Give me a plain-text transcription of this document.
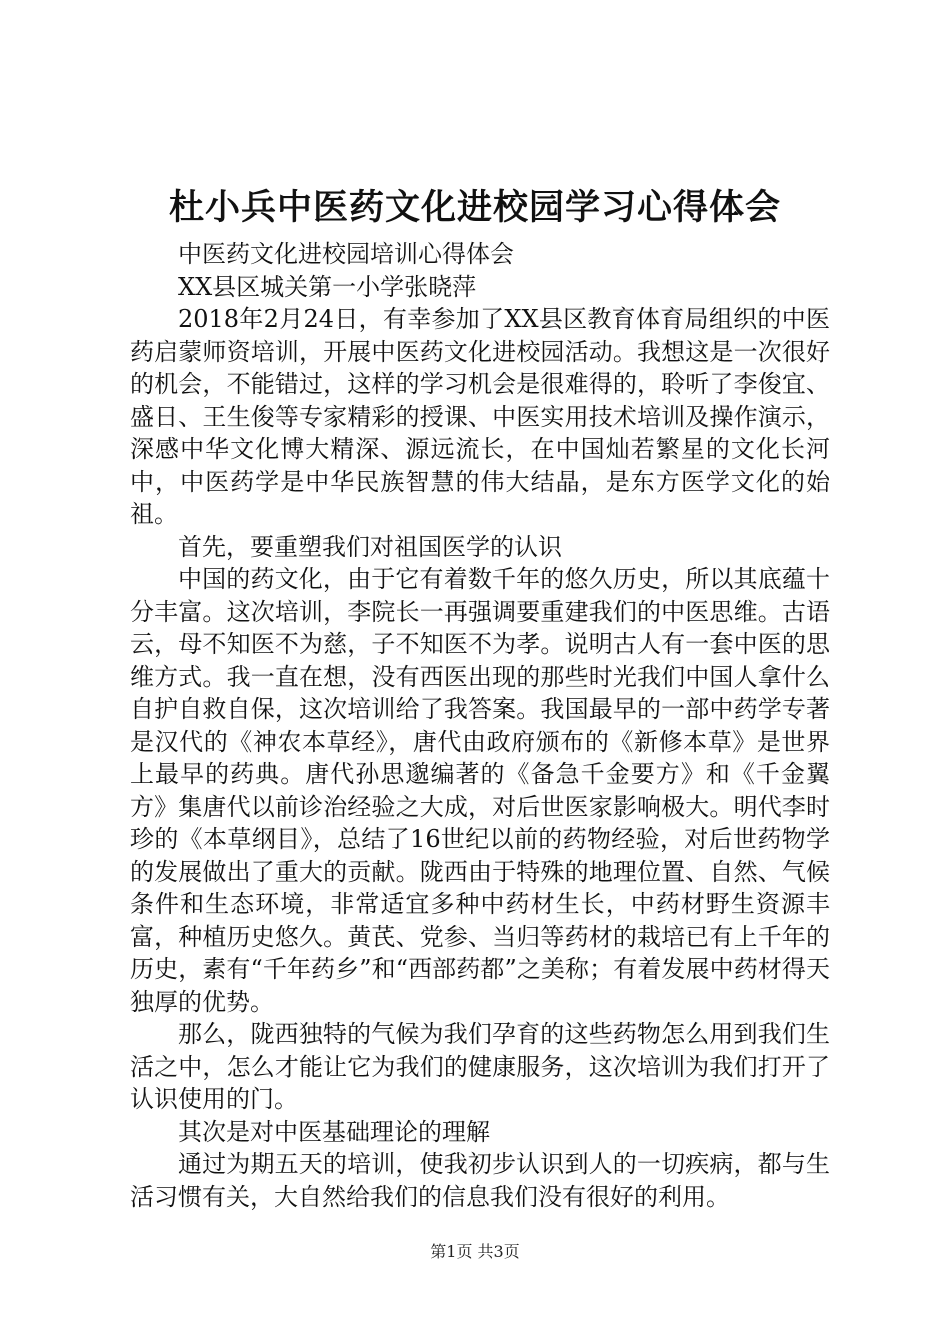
杜小兵中医药文化进校园学习心得体会

中医药文化进校园培训心得体会

XX县区城关第一小学张晓萍

2018年2月24日，有幸参加了XX县区教育体育局组织的中医药启蒙师资培训，开展中医药文化进校园活动。我想这是一次很好的机会，不能错过，这样的学习机会是很难得的，聆听了李俊宜、盛日、王生俊等专家精彩的授课、中医实用技术培训及操作演示，深感中华文化博大精深、源远流长，在中国灿若繁星的文化长河中，中医药学是中华民族智慧的伟大结晶，是东方医学文化的始祖。

首先，要重塑我们对祖国医学的认识

中国的药文化，由于它有着数千年的悠久历史，所以其底蕴十分丰富。这次培训，李院长一再强调要重建我们的中医思维。古语云，母不知医不为慈，子不知医不为孝。说明古人有一套中医的思维方式。我一直在想，没有西医出现的那些时光我们中国人拿什么自护自救自保，这次培训给了我答案。我国最早的一部中药学专著是汉代的《神农本草经》，唐代由政府颁布的《新修本草》是世界上最早的药典。唐代孙思邈编著的《备急千金要方》和《千金翼方》集唐代以前诊治经验之大成，对后世医家影响极大。明代李时珍的《本草纲目》，总结了16世纪以前的药物经验，对后世药物学的发展做出了重大的贡献。陇西由于特殊的地理位置、自然、气候条件和生态环境，非常适宜多种中药材生长，中药材野生资源丰富，种植历史悠久。黄芪、党参、当归等药材的栽培已有上千年的历史，素有“千年药乡”和“西部药都”之美称；有着发展中药材得天独厚的优势。

那么，陇西独特的气候为我们孕育的这些药物怎么用到我们生活之中，怎么才能让它为我们的健康服务，这次培训为我们打开了认识使用的门。

其次是对中医基础理论的理解

通过为期五天的培训，使我初步认识到人的一切疾病，都与生活习惯有关，大自然给我们的信息我们没有很好的利用。

第1页 共3页
